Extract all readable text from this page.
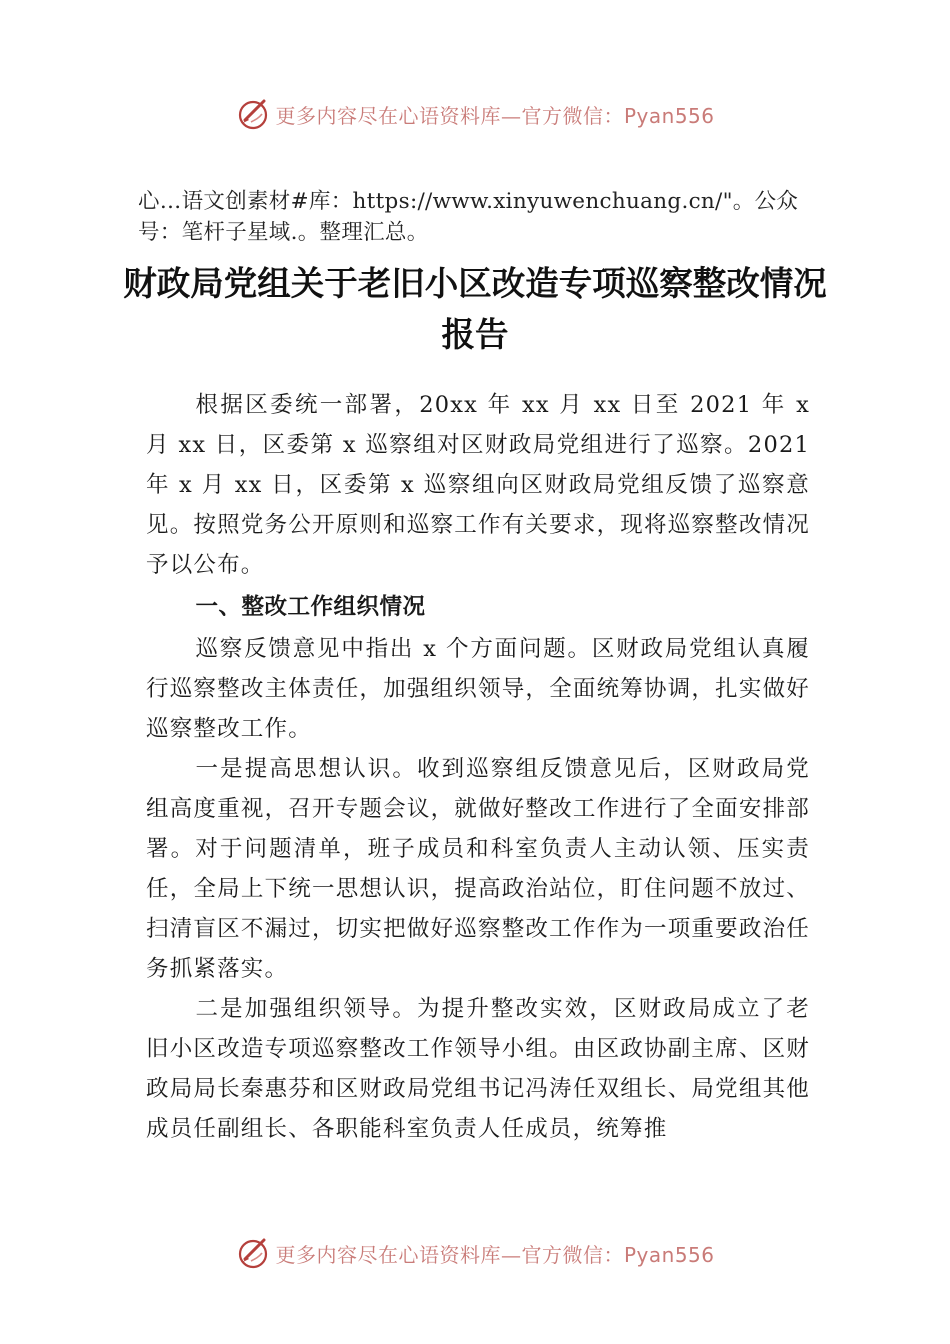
更多内容尽在心语资料库—官方微信：Pyan556
心…语文创素材#库：https://www.xinyuwenchuang.cn/"。公众号：笔杆子星域.。整理汇总。
财政局党组关于老旧小区改造专项巡察整改情况报告

根据区委统一部署，20xx 年 xx 月 xx 日至 2021 年 x 月 xx 日，区委第 x 巡察组对区财政局党组进行了巡察。2021 年 x 月 xx 日，区委第 x 巡察组向区财政局党组反馈了巡察意见。按照党务公开原则和巡察工作有关要求，现将巡察整改情况予以公布。

一、整改工作组织情况

巡察反馈意见中指出 x 个方面问题。区财政局党组认真履行巡察整改主体责任，加强组织领导，全面统筹协调，扎实做好巡察整改工作。

一是提高思想认识。收到巡察组反馈意见后，区财政局党组高度重视，召开专题会议，就做好整改工作进行了全面安排部署。对于问题清单，班子成员和科室负责人主动认领、压实责任，全局上下统一思想认识，提高政治站位，盯住问题不放过、扫清盲区不漏过，切实把做好巡察整改工作作为一项重要政治任务抓紧落实。

二是加强组织领导。为提升整改实效，区财政局成立了老旧小区改造专项巡察整改工作领导小组。由区政协副主席、区财政局局长秦惠芬和区财政局党组书记冯涛任双组长、局党组其他成员任副组长、各职能科室负责人任成员，统筹推

更多内容尽在心语资料库—官方微信：Pyan556
